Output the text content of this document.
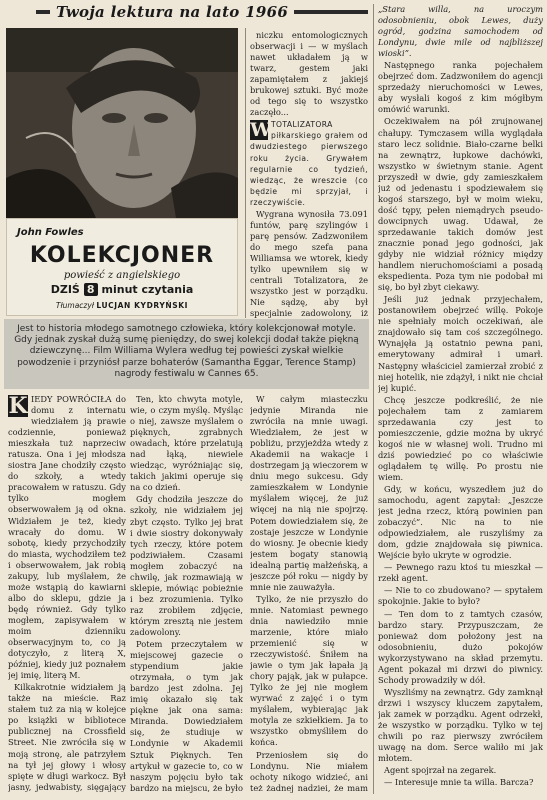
Twoja lektura na lato 1966
John Fowles
KOLEKCJONER
powieść z angielskiego
DZIŚ 8 minut czytania
Tłumaczył LUCJAN KYDRYŃSKI

Jest to historia młodego samotnego człowieka, który kolekcjonował motyle. Gdy jednak zyskał dużą sumę pieniędzy, do swej kolekcji dodał także piękną dziewczynę... Film Williama Wylera według tej powieści zyskał wielkie powodzenie i przyniósł parze bohaterów (Samantha Eggar, Terence Stamp) nagrody festiwalu w Cannes 65.

niczku entomologicznych obserwacji i — w myślach nawet układałem ją w twarz, gestem jaki zapamiętałem z jakiejś brukowej sztuki. Być może od tego się to wszystko zaczęło...

W TOTALIZATORA piłkarskiego grałem od dwudziestego pierwszego roku życia. Grywałem regularnie co tydzień, wiedząc, że wreszcie (co będzie mi sprzyjał, i rzeczywiście.

Wygrana wynosiła 73.091 funtów, parę szylingów i parę pensów. Zadzwoniłem do mego szefa pana Williamsa we wtorek, kiedy tylko upewniłem się w centrali Totalizatora, że wszystko jest w porządku. Nie sądzę, aby był specjalnie zadowolony, iż

K IEDY POWRÓCIŁA do domu z internatu wiedziałem ją prawie codziennie, ponieważ mieszkała tuż naprzeciw ratusza. Ona i jej młodsza siostra Jane chodziły często do szkoły, a wtedy pracowałem w ratuszu. Gdy tylko mogłem obserwowałem ją od okna. Widziałem je też, kiedy wracały do domu. W sobotę, kiedy przychodziły do miasta, wychodziłem też i obserwowałem, jak robią zakupy, lub myślałem, że może wstąpią do kawiarni albo do sklepu, gdzie ja będę również. Gdy tylko mogłem, zapisywałem w moim dzienniku obserwacyjnym to, co ją dotyczyło, z literą X, później, kiedy już poznałem jej imię, literą M.

Kilkakrotnie widziałem ją także na mieście. Raz stałem tuż za nią w kolejce po książki w bibliotece publicznej na Crossfield Street. Nie zwróciła się w moją stronę, ale patrzyłem na tył jej głowy i włosy spięte w długi warkocz. Był jasny, jedwabisty, sięgający

Ten, kto chwyta motyle, wie, o czym myślę. Myśląc o niej, zawsze myślałem o pięknych, zgrabnych owadach, które przelatują nad łąką, niewiele wiedząc, wyróżniając się, takich jakimi operuje się na co dzień.

Gdy chodziła jeszcze do szkoły, nie widziałem jej zbyt często. Tylko jej brat i dwie siostry dokonywały tych rzeczy, które potem podziwiałem. Czasami mogłem zobaczyć na chwilę, jak rozmawiają w sklepie, mówiąc pobieżnie i bez zrozumienia. Tylko raz zrobiłem zdjęcie, którym zresztą nie jestem zadowolony.

Potem przeczytałem w miejscowej gazecie o stypendium jakie otrzymała, o tym jak bardzo jest zdolna. Jej imię okazało się tak piękne jak ona sama: Miranda. Dowiedziałem się, że studiuje w Londynie w Akademii Sztuk Pięknych. Ten artykuł w gazecie to, co w naszym pojęciu było tak bardzo na miejscu, że było

W całym miasteczku jedynie Miranda nie zwróciła na mnie uwagi. Wiedziałem, że jest w pobliżu, przyjeżdża wtedy z Akademii na wakacje i dostrzegam ją wieczorem w dniu mego sukcesu. Gdy zamieszkałem w Londynie myślałem więcej, że już więcej na nią nie spojrzę. Potem dowiedziałem się, że zostaje jeszcze w Londynie do wiosny. Je obecnie kiedy jestem bogaty stanowią idealną partię małżeńską, a jeszcze pół roku — nigdy by mnie nie zauważyła.

Tylko, że nie przyszło do mnie. Natomiast pewnego dnia nawiedziło mnie marzenie, które miało przemienić się w rzeczywistość. Śniłem na jawie o tym jak łapała ją chory pająk, jak w pułapce. Tylko że jej nie mogłem wyrwać z zajęć i o tym myślałem, wybierając jak motyla ze szkiełkiem. Ja to wszystko obmyśliłem do końca.

Przeniosłem się do Londynu. Nie miałem ochoty nikogo widzieć, ani też żadnej nadziei, że mam

„Stara willa, na uroczym odosobnieniu, obok Lewes, duży ogród, godzina samochodem od Londynu, dwie mile od najbliższej wioski”.

Następnego ranka pojechałem obejrzeć dom. Zadzwoniłem do agencji sprzedaży nieruchomości w Lewes, aby wysłali kogoś z kim mógłbym omówić warunki.

Oczekiwałem na pół zrujnowanej chałupy. Tymczasem willa wyglądała staro lecz solidnie. Biało-czarne belki na zewnątrz, łupkowe dachówki, wszystko w świetnym stanie. Agent przyszedł w dwie, gdy zamieszkałem już od jedenastu i spodziewałem się kogoś starszego, był w moim wieku, dość tępy, pełen niemądrych pseudo-dowcipnych uwag. Udawał, że sprzedawanie takich domów jest znacznie ponad jego godności, jak gdyby nie widział różnicy między handlem nieruchomościami a posadą ekspedienta. Poza tym nie podobał mi się, bo był zbyt ciekawy.

Jeśli już jednak przyjechałem, postanowiłem obejrzeć willę. Pokoje nie spełniały moich oczekiwań, ale znajdowało się tam coś szczególnego. Wynajęła ją ostatnio pewna pani, emerytowany admirał i umarł. Następny właściciel zamierzał zrobić z niej hotelik, nie zdążył, i nikt nie chciał jej kupić.

Chcę jeszcze podkreślić, że nie pojechałem tam z zamiarem sprzedawania czy jest to pomieszczenie, gdzie można by ukryć kogoś nie w własnej woli. Trudno mi dziś powiedzieć po co właściwie oglądałem tę willę. Po prostu nie wiem.

Gdy, w końcu, wyszedłem już do samochodu, agent zapytał: „Jeszcze jest jedna rzecz, którą powinien pan zobaczyć”. Nic na to nie odpowiedziałem, ale ruszyliśmy za dom, gdzie znajdowała się piwnica. Wejście było ukryte w ogrodzie.

— Pewnego razu ktoś tu mieszkał — rzekł agent.

— Nie to co zbudowano? — spytałem spokojnie. Jakie to było?

— Ten dom to z tamtych czasów, bardzo stary. Przypuszczam, że ponieważ dom położony jest na odosobnieniu, dużo pokojów wykorzystywano na skład przemytu. Agent pokazał mi drzwi do piwnicy. Schody prowadziły w dół.

Wyszliśmy na zewnątrz. Gdy zamknął drzwi i wszyscy kluczem zapytałem, jak zamek w porządku. Agent odrzekł, że wszystko w porządku. Tylko w tej chwili po raz pierwszy zwróciłem uwagę na dom. Serce waliło mi jak młotem.

Agent spojrzał na zegarek.

— Interesuje mnie ta willa. Barcza?
